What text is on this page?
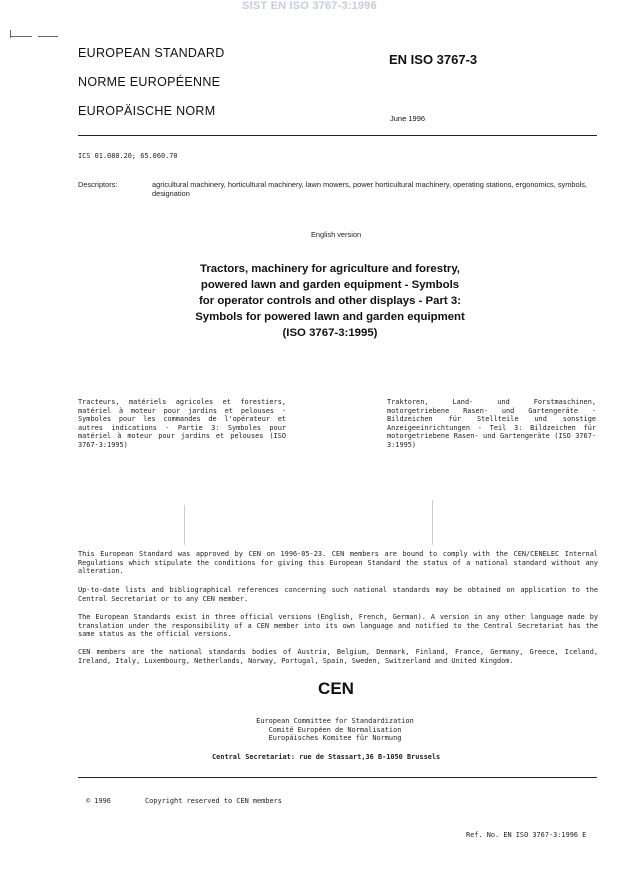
SIST EN ISO 3767-3:1996
EUROPEAN STANDARD
NORME EUROPÉENNE
EUROPÄISCHE NORM
EN ISO 3767-3
June 1996
ICS 01.080.20; 65.060.70
Descriptors:	agricultural machinery, horticultural machinery, lawn mowers, power horticultural machinery, operating stations, ergonomics, symbols, designation
English version
Tractors, machinery for agriculture and forestry,
powered lawn and garden equipment - Symbols
for operator controls and other displays - Part 3:
Symbols for powered lawn and garden equipment
(ISO 3767-3:1995)
Tracteurs, matériels agricoles et forestiers, matériel à moteur pour jardins et pelouses - Symboles pour les commandes de l'opérateur et autres indications - Partie 3: Symboles pour matériel à moteur pour jardins et pelouses (ISO 3767-3:1995)
Traktoren, Land- und Forstmaschinen, motorgetriebene Rasen- und Gartengeräte - Bildzeichen für Stellteile und sonstige Anzeigeeinrichtungen - Teil 3: Bildzeichen für motorgetriebene Rasen- und Gartengeräte (ISO 3767-3:1995)
This European Standard was approved by CEN on 1996-05-23. CEN members are bound to comply with the CEN/CENELEC Internal Regulations which stipulate the conditions for giving this European Standard the status of a national standard without any alteration.
Up-to-date lists and bibliographical references concerning such national standards may be obtained on application to the Central Secretariat or to any CEN member.
The European Standards exist in three official versions (English, French, German). A version in any other language made by translation under the responsibility of a CEN member into its own language and notified to the Central Secretariat has the same status as the official versions.
CEN members are the national standards bodies of Austria, Belgium, Denmark, Finland, France, Germany, Greece, Iceland, Ireland, Italy, Luxembourg, Netherlands, Norway, Portugal, Spain, Sweden, Switzerland and United Kingdom.
CEN
European Committee for Standardization
Comité Européen de Normalisation
Europäisches Komitee für Normung
Central Secretariat: rue de Stassart,36 B-1050 Brussels
© 1996	Copyright reserved to CEN members
Ref. No. EN ISO 3767-3:1996 E
